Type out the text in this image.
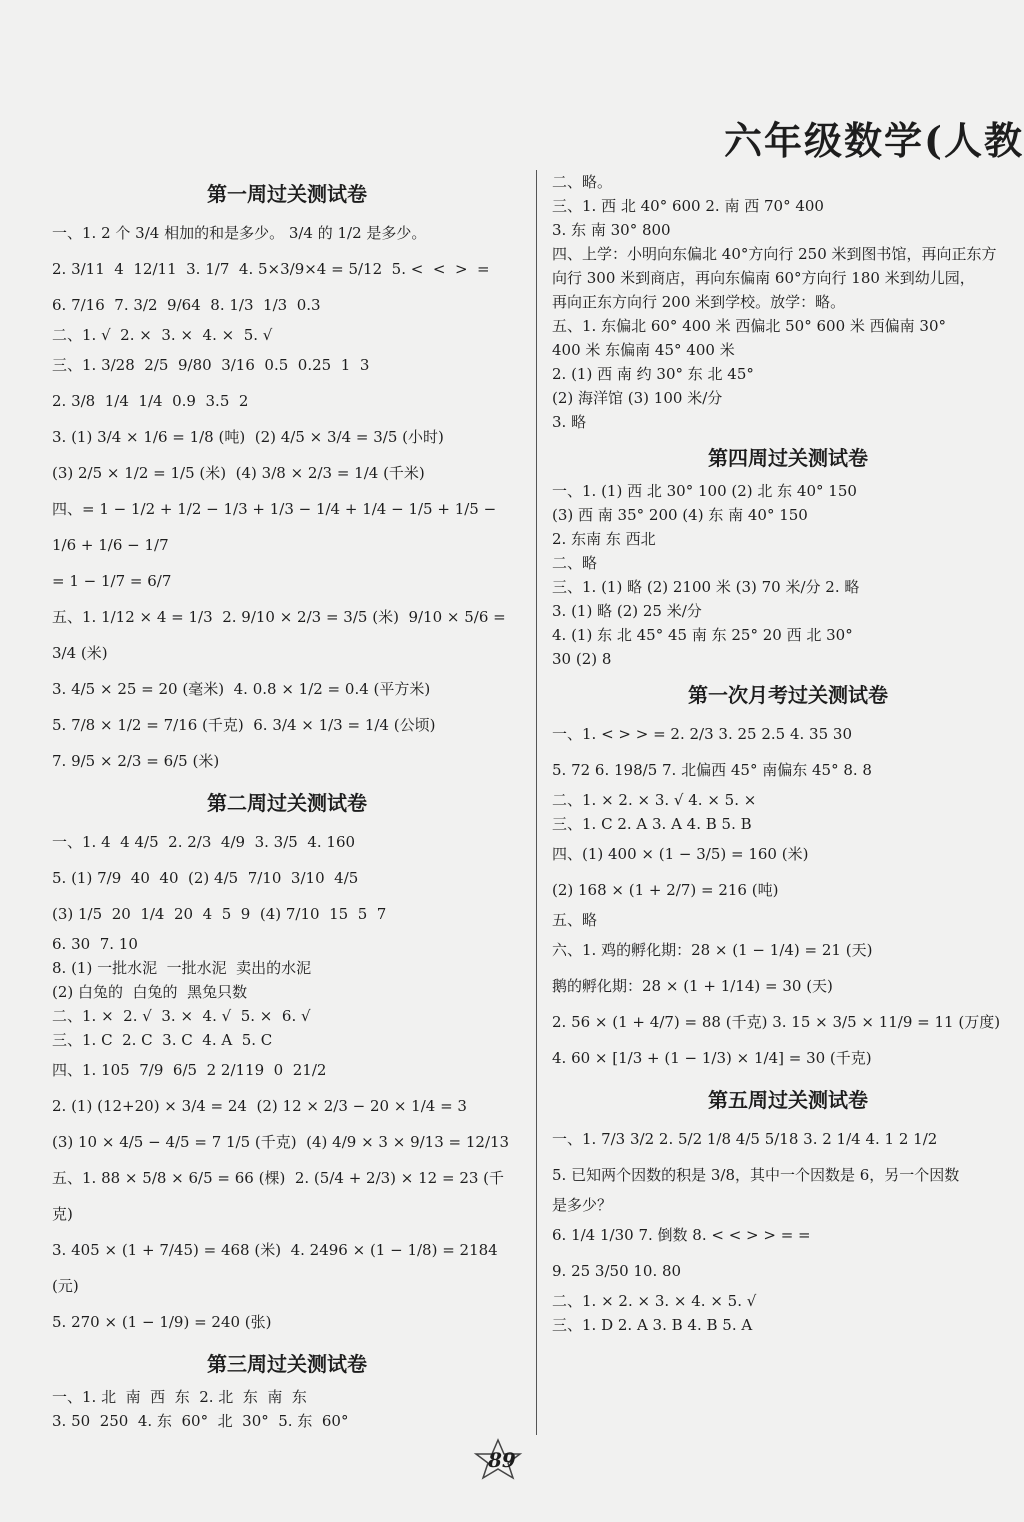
六年级数学(人教
第一周过关测试卷
一、1. 2 个 3/4 相加的和是多少。 3/4 的 1/2 是多少。
2. 3/11  4  12/11  3. 1/7  4. 5×3/9×4 = 5/12  5. <  <  >  =
6. 7/16  7. 3/2  9/64  8. 1/3  1/3  0.3
二、1. √  2. ×  3. ×  4. ×  5. √
三、1. 3/28  2/5  9/80  3/16  0.5  0.25  1  3
2. 3/8  1/4  1/4  0.9  3.5  2
3. (1) 3/4 × 1/6 = 1/8 (吨)  (2) 4/5 × 3/4 = 3/5 (小时)
(3) 2/5 × 1/2 = 1/5 (米)  (4) 3/8 × 2/3 = 1/4 (千米)
四、= 1 − 1/2 + 1/2 − 1/3 + 1/3 − 1/4 + 1/4 − 1/5 + 1/5 − 1/6 + 1/6 − 1/7
= 1 − 1/7 = 6/7
五、1. 1/12 × 4 = 1/3  2. 9/10 × 2/3 = 3/5 (米)  9/10 × 5/6 = 3/4 (米)
3. 4/5 × 25 = 20 (毫米)  4. 0.8 × 1/2 = 0.4 (平方米)
5. 7/8 × 1/2 = 7/16 (千克)  6. 3/4 × 1/3 = 1/4 (公顷)
7. 9/5 × 2/3 = 6/5 (米)
第二周过关测试卷
一、1. 4  4 4/5  2. 2/3  4/9  3. 3/5  4. 160
5. (1) 7/9  40  40  (2) 4/5  7/10  3/10  4/5
(3) 1/5  20  1/4  20  4  5  9  (4) 7/10  15  5  7
6. 30  7. 10
8. (1) 一批水泥  一批水泥  卖出的水泥
(2) 白兔的  白兔的  黑兔只数
二、1. ×  2. √  3. ×  4. √  5. ×  6. √
三、1. C  2. C  3. C  4. A  5. C
四、1. 105  7/9  6/5  2 2/119  0  21/2
2. (1) (12+20) × 3/4 = 24  (2) 12 × 2/3 − 20 × 1/4 = 3
(3) 10 × 4/5 − 4/5 = 7 1/5 (千克)  (4) 4/9 × 3 × 9/13 = 12/13
五、1. 88 × 5/8 × 6/5 = 66 (棵)  2. (5/4 + 2/3) × 12 = 23 (千克)
3. 405 × (1 + 7/45) = 468 (米)  4. 2496 × (1 − 1/8) = 2184 (元)
5. 270 × (1 − 1/9) = 240 (张)
第三周过关测试卷
一、1. 北  南  西  东  2. 北  东  南  东
3. 50  250  4. 东  60°  北  30°  5. 东  60°
二、略。
三、1. 西 北 40° 600 2. 南 西 70° 400
3. 东 南 30° 800
四、上学：小明向东偏北 40°方向行 250 米到图书馆，再向正东方
向行 300 米到商店，再向东偏南 60°方向行 180 米到幼儿园，
再向正东方向行 200 米到学校。放学：略。
五、1. 东偏北 60° 400 米 西偏北 50° 600 米 西偏南 30°
400 米 东偏南 45° 400 米
2. (1) 西 南 约 30° 东 北 45°
(2) 海洋馆 (3) 100 米/分
3. 略
第四周过关测试卷
一、1. (1) 西 北 30° 100 (2) 北 东 40° 150
(3) 西 南 35° 200 (4) 东 南 40° 150
2. 东南 东 西北
二、略
三、1. (1) 略 (2) 2100 米 (3) 70 米/分 2. 略
3. (1) 略 (2) 25 米/分
4. (1) 东 北 45° 45 南 东 25° 20 西 北 30°
30 (2) 8
第一次月考过关测试卷
一、1. < > > = 2. 2/3 3. 25 2.5 4. 35 30
5. 72 6. 198/5 7. 北偏西 45° 南偏东 45° 8. 8
二、1. × 2. × 3. √ 4. × 5. ×
三、1. C 2. A 3. A 4. B 5. B
四、(1) 400 × (1 − 3/5) = 160 (米)
(2) 168 × (1 + 2/7) = 216 (吨)
五、略
六、1. 鸡的孵化期：28 × (1 − 1/4) = 21 (天)
鹅的孵化期：28 × (1 + 1/14) = 30 (天)
2. 56 × (1 + 4/7) = 88 (千克) 3. 15 × 3/5 × 11/9 = 11 (万度)
4. 60 × [1/3 + (1 − 1/3) × 1/4] = 30 (千克)
第五周过关测试卷
一、1. 7/3 3/2 2. 5/2 1/8 4/5 5/18 3. 2 1/4 4. 1 2 1/2
5. 已知两个因数的积是 3/8，其中一个因数是 6，另一个因数
是多少？
6. 1/4 1/30 7. 倒数 8. < < > > = =
9. 25 3/50 10. 80
二、1. × 2. × 3. × 4. × 5. √
三、1. D 2. A 3. B 4. B 5. A
89
